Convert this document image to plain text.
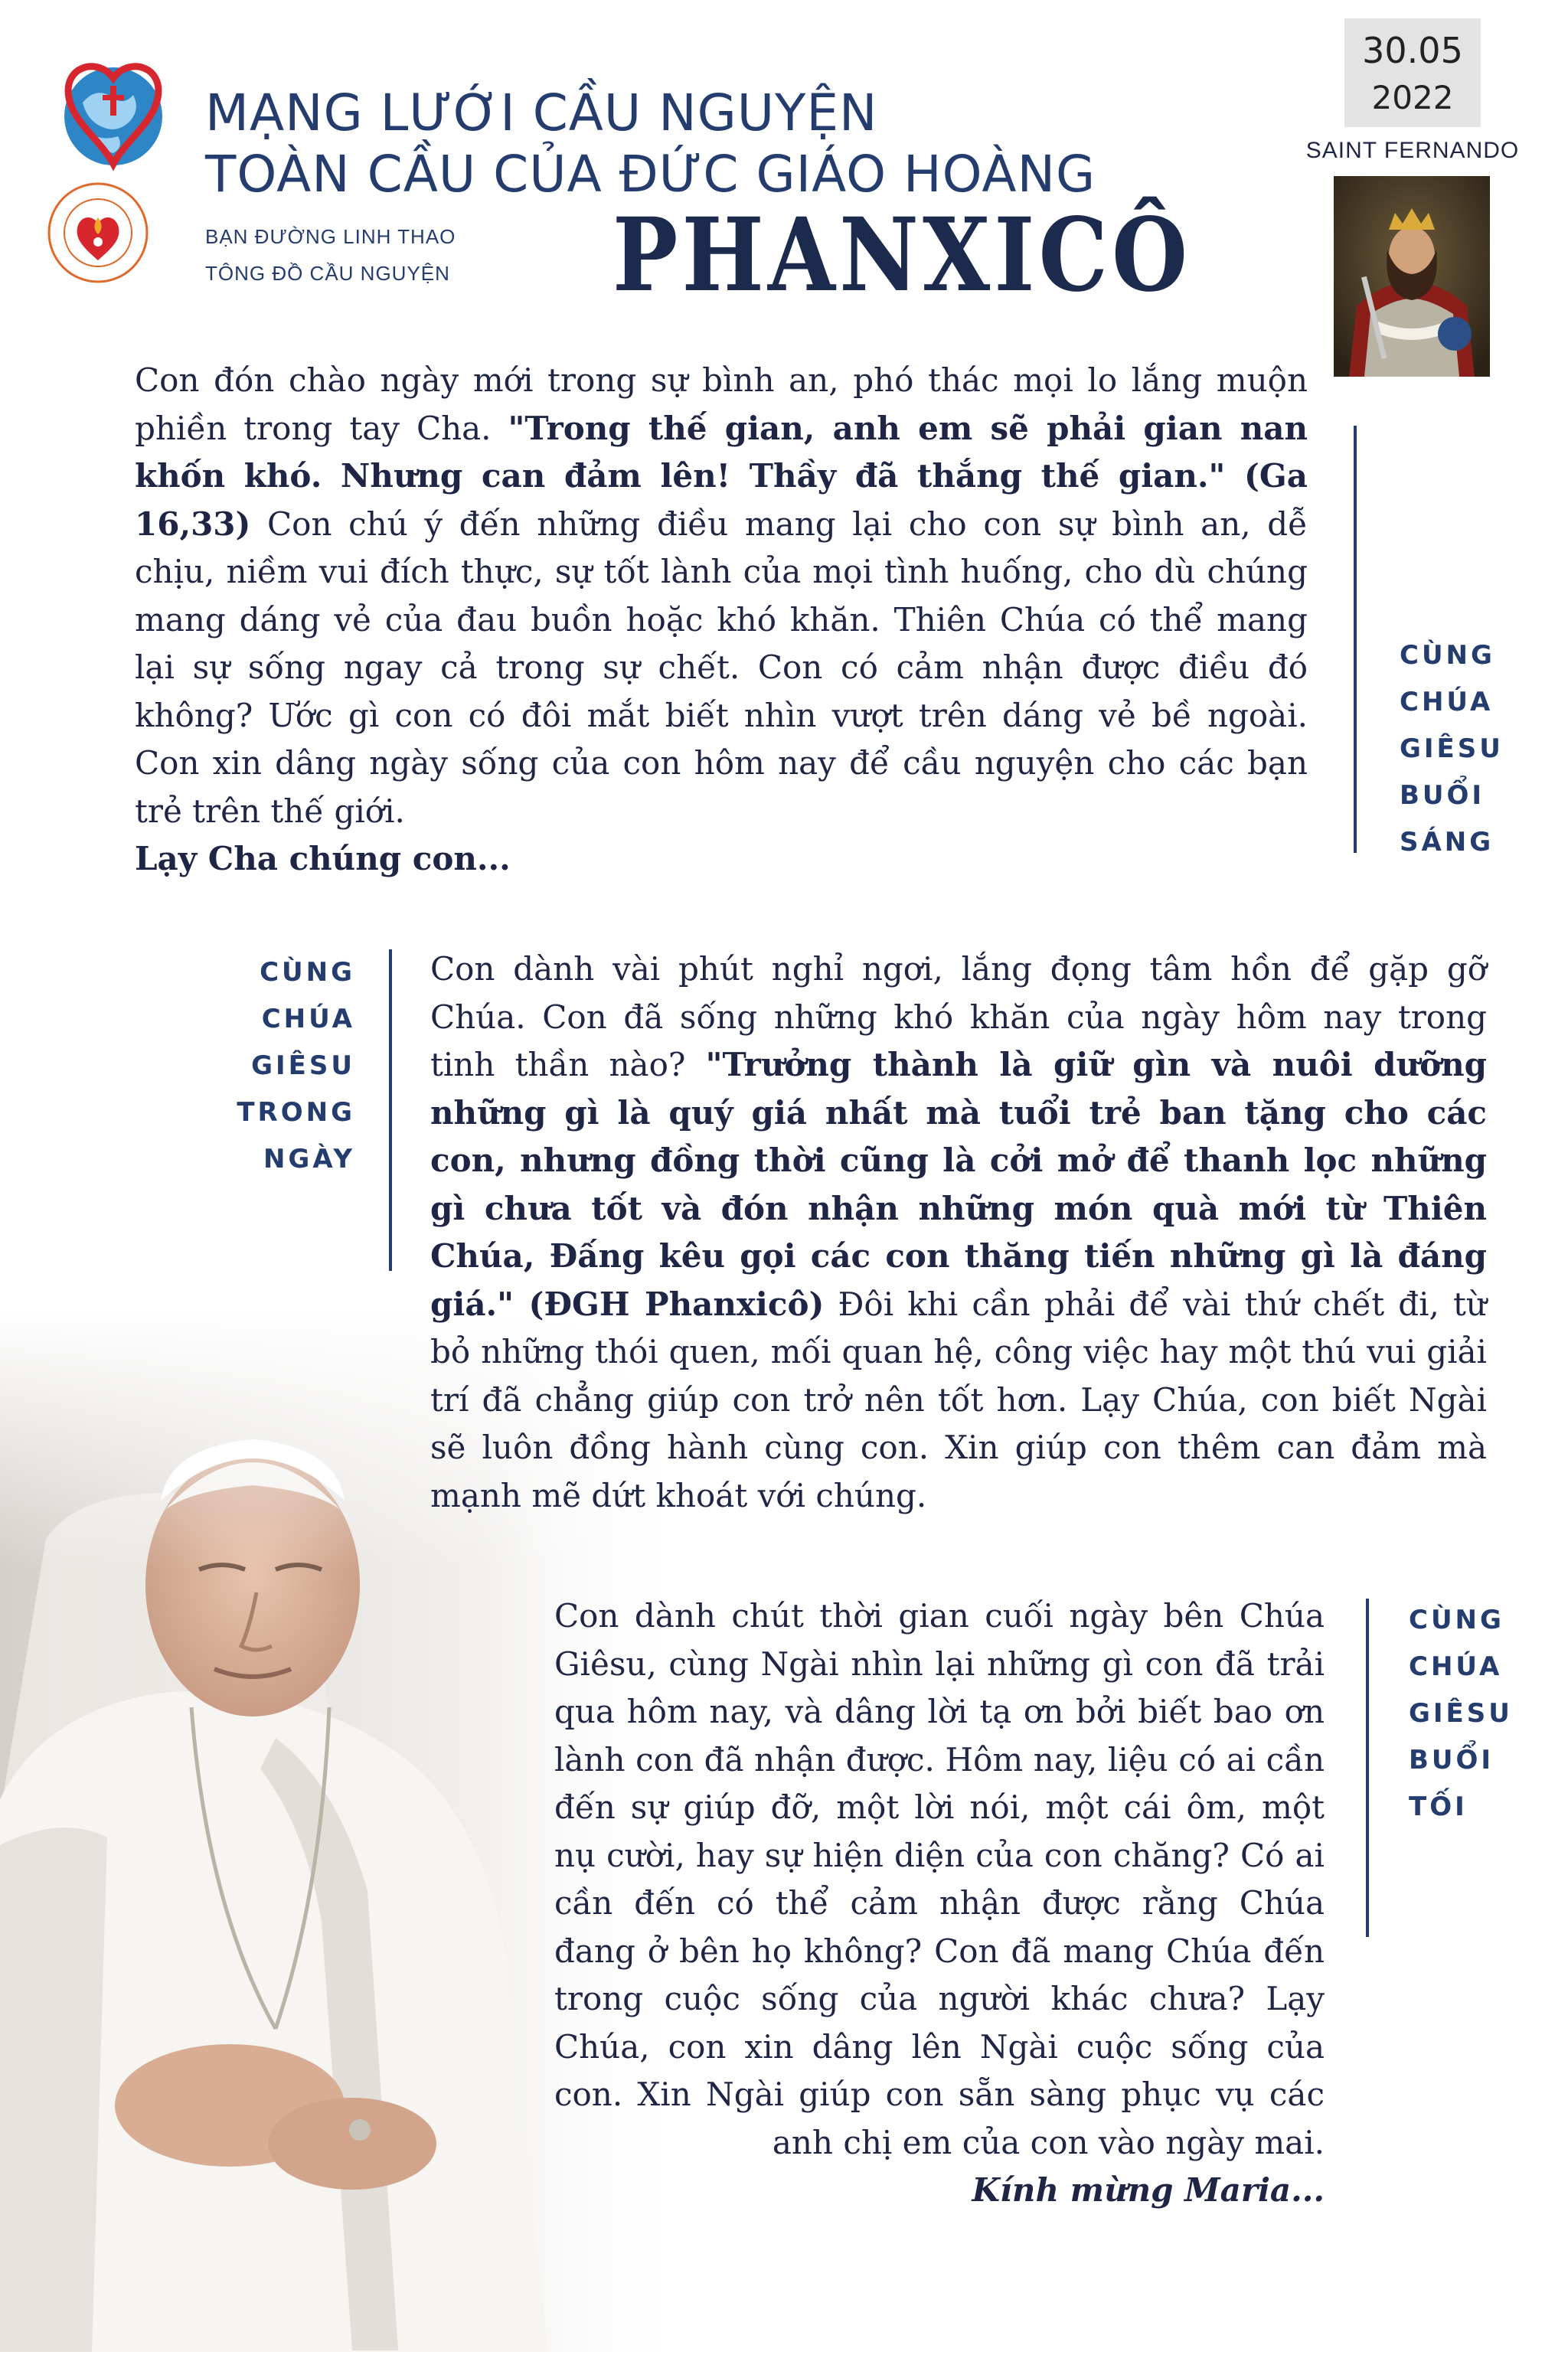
MẠNG LƯỚI CẦU NGUYỆN
TOÀN CẦU CỦA ĐỨC GIÁO HOÀNG
BẠN ĐƯỜNG LINH THAO
TÔNG ĐỒ CẦU NGUYỆN PHANXICÔ
30.05
2022
SAINT FERNANDO

Con đón chào ngày mới trong sự bình an, phó thác mọi lo lắng muộn phiền trong tay Cha. "Trong thế gian, anh em sẽ phải gian nan khốn khó. Nhưng can đảm lên! Thầy đã thắng thế gian." (Ga 16,33) Con chú ý đến những điều mang lại cho con sự bình an, dễ chịu, niềm vui đích thực, sự tốt lành của mọi tình huống, cho dù chúng mang dáng vẻ của đau buồn hoặc khó khăn. Thiên Chúa có thể mang lại sự sống ngay cả trong sự chết. Con có cảm nhận được điều đó không? Ước gì con có đôi mắt biết nhìn vượt trên dáng vẻ bề ngoài. Con xin dâng ngày sống của con hôm nay để cầu nguyện cho các bạn trẻ trên thế giới.
Lạy Cha chúng con...

CÙNG
CHÚA
GIÊSU
BUỔI
SÁNG
CÙNG
CHÚA
GIÊSU
TRONG
NGÀY

Con dành vài phút nghỉ ngơi, lắng đọng tâm hồn để gặp gỡ Chúa. Con đã sống những khó khăn của ngày hôm nay trong tinh thần nào? "Trưởng thành là giữ gìn và nuôi dưỡng những gì là quý giá nhất mà tuổi trẻ ban tặng cho các con, nhưng đồng thời cũng là cởi mở để thanh lọc những gì chưa tốt và đón nhận những món quà mới từ Thiên Chúa, Đấng kêu gọi các con thăng tiến những gì là đáng giá." (ĐGH Phanxicô) Đôi khi cần phải để vài thứ chết đi, từ bỏ những thói quen, mối quan hệ, công việc hay một thú vui giải trí đã chẳng giúp con trở nên tốt hơn. Lạy Chúa, con biết Ngài sẽ luôn đồng hành cùng con. Xin giúp con thêm can đảm mà mạnh mẽ dứt khoát với chúng.

Con dành chút thời gian cuối ngày bên Chúa Giêsu, cùng Ngài nhìn lại những gì con đã trải qua hôm nay, và dâng lời tạ ơn bởi biết bao ơn lành con đã nhận được. Hôm nay, liệu có ai cần đến sự giúp đỡ, một lời nói, một cái ôm, một nụ cười, hay sự hiện diện của con chăng? Có ai cần đến có thể cảm nhận được rằng Chúa đang ở bên họ không? Con đã mang Chúa đến trong cuộc sống của người khác chưa? Lạy Chúa, con xin dâng lên Ngài cuộc sống của con. Xin Ngài giúp con sẵn sàng phục vụ các anh chị em của con vào ngày mai.
Kính mừng Maria...

CÙNG
CHÚA
GIÊSU
BUỔI
TỐI
